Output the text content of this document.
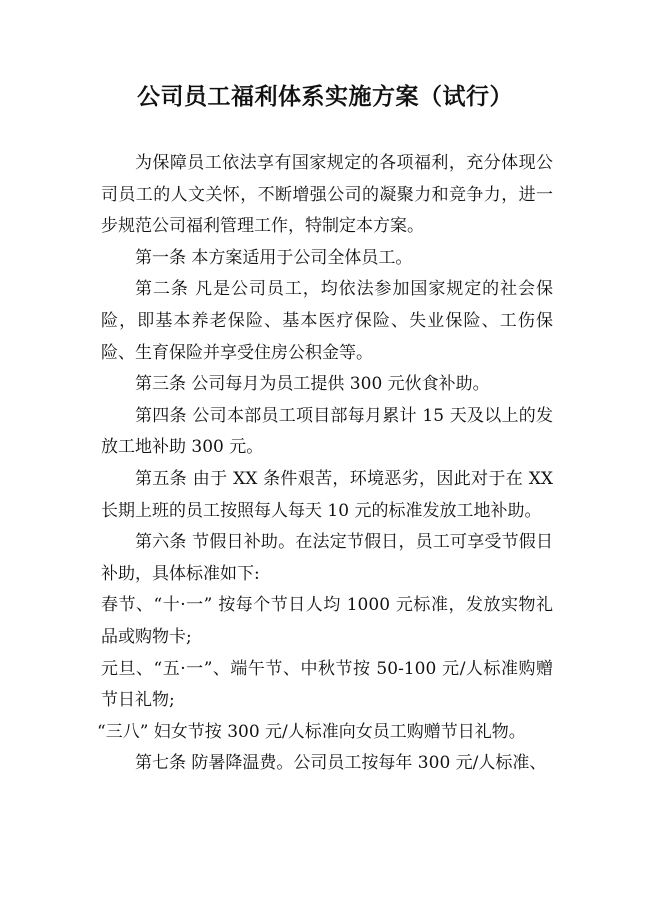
公司员工福利体系实施方案（试行）

为保障员工依法享有国家规定的各项福利，充分体现公司员工的人文关怀，不断增强公司的凝聚力和竞争力，进一步规范公司福利管理工作，特制定本方案。

第一条 本方案适用于公司全体员工。

第二条 凡是公司员工，均依法参加国家规定的社会保险，即基本养老保险、基本医疗保险、失业保险、工伤保险、生育保险并享受住房公积金等。

第三条 公司每月为员工提供 300 元伙食补助。

第四条 公司本部员工项目部每月累计 15 天及以上的发放工地补助 300 元。

第五条 由于 XX 条件艰苦，环境恶劣，因此对于在 XX 长期上班的员工按照每人每天 10 元的标准发放工地补助。

第六条 节假日补助。在法定节假日，员工可享受节假日补助，具体标准如下:

春节、“十·一” 按每个节日人均 1000 元标准，发放实物礼品或购物卡;

元旦、“五·一”、端午节、中秋节按 50-100 元/人标准购赠节日礼物;

“三八” 妇女节按 300 元/人标准向女员工购赠节日礼物。

第七条 防暑降温费。公司员工按每年 300 元/人标准、
